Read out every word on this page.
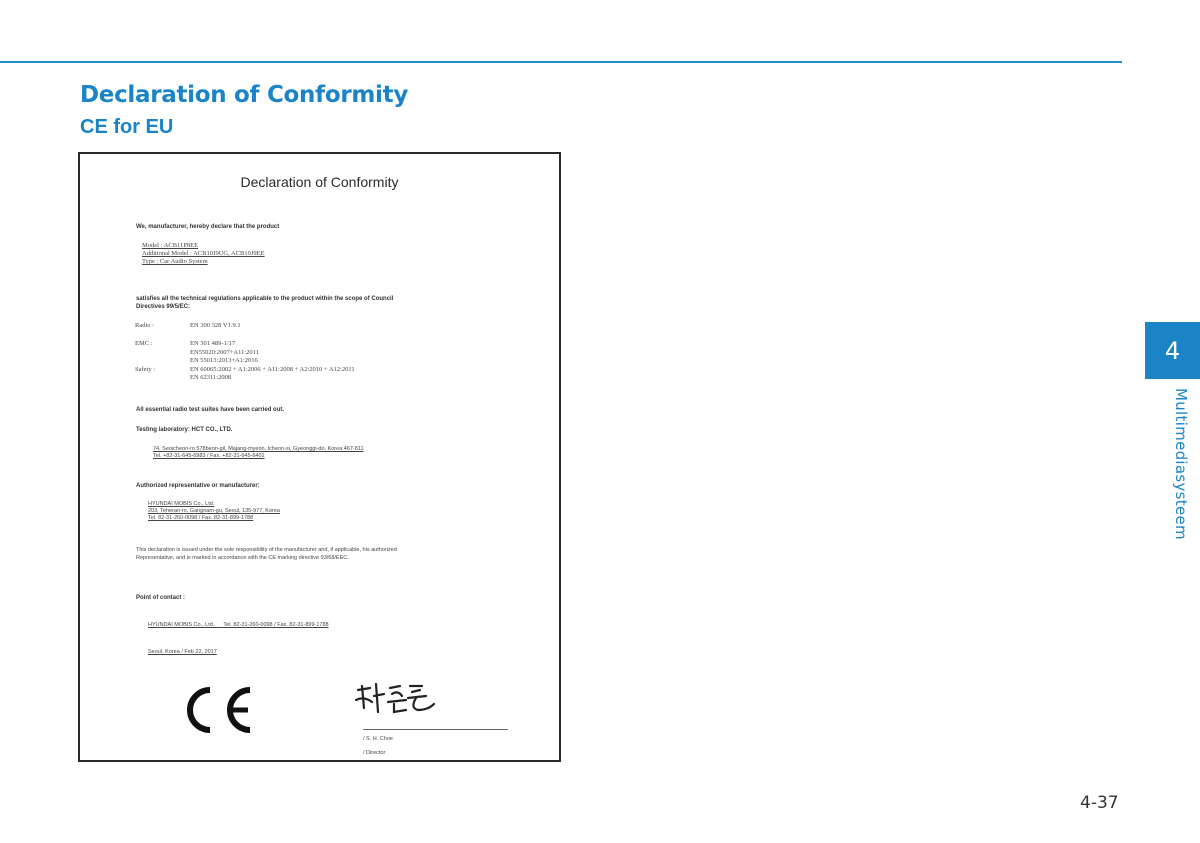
Declaration of Conformity
CE for EU
4
Multimediasysteem
Declaration of Conformity
We, manufacturer, hereby declare that the product
Model : ACB11P8EE
Additional Model : ACB10J9UG, ACB10J9EE
Type : Car Audio System
satisfies all the technical regulations applicable to the product within the scope of Council
Directives 99/5/EC:
Radio :	EN 300 328 V1.9.1

EMC :	EN 301 489-1/17
	EN55020:2007+A11:2011
	EN 55013:2013+A1:2016
Safety :	EN 60065:2002 + A1:2006 + A11:2008 + A2:2010 + A12:2011
	EN 62311:2008
All essential radio test suites have been carried out.
Testing laboratory: HCT CO., LTD.
74, Seoicheon-ro 578beon-gil, Majang-myeon, Icheon-si, Gyeonggi-do, Korea 467-811
Tel. +82-31-645-6983 / Fax. +82-31-645-6401
Authorized representative or manufacturer:
HYUNDAI MOBIS Co., Ltd.
203, Teheran-ro, Gangnam-gu, Seoul, 135-977, Korea
Tel. 82-31-260-0098 / Fax. 82-31-899-1788
This declaration is issued under the sole responsibility of the manufacturer and, if applicable, his authorized
Representative, and is marked in accordance with the CE marking directive 93/68/EEC.
Point of contact :
HYUNDAI MOBIS Co., Ltd.      Tel. 82-31-260-0098 / Fax. 82-31-899-1788
Seoul, Korea / Feb 22, 2017
/ S. H. Choe
/ Director
4-37
